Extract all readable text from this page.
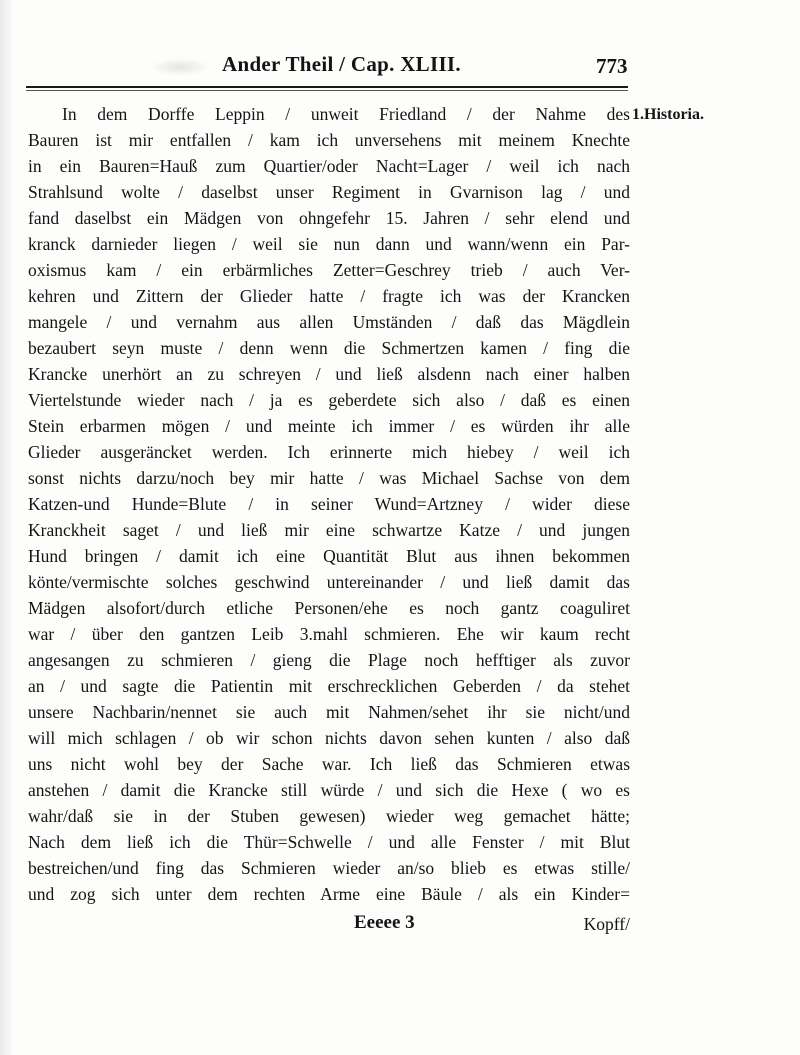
Ander Theil / Cap. XLIII.	773
1.Historia.
In dem Dorffe Leppin / unweit Friedland / der Nahme des
Bauren ist mir entfallen / kam ich unversehens mit meinem Knechte
in ein Bauren=Hauß zum Quartier/oder Nacht=Lager / weil ich nach
Strahlsund wolte / daselbst unser Regiment in Gvarnison lag / und
fand daselbst ein Mädgen von ohngefehr 15. Jahren / sehr elend und
kranck darnieder liegen / weil sie nun dann und wann/wenn ein Par-
oxismus kam / ein erbärmliches Zetter=Geschrey trieb / auch Ver-
kehren und Zittern der Glieder hatte / fragte ich was der Krancken
mangele / und vernahm aus allen Umständen / daß das Mägdlein
bezaubert seyn muste / denn wenn die Schmertzen kamen / fing die
Krancke unerhört an zu schreyen / und ließ alsdenn nach einer halben
Viertelstunde wieder nach / ja es geberdete sich also / daß es einen
Stein erbarmen mögen / und meinte ich immer / es würden ihr alle
Glieder ausgeräncket werden. Ich erinnerte mich hiebey / weil ich
sonst nichts darzu/noch bey mir hatte / was Michael Sachse von dem
Katzen-und Hunde=Blute / in seiner Wund=Artzney / wider diese
Kranckheit saget / und ließ mir eine schwartze Katze / und jungen
Hund bringen / damit ich eine Quantität Blut aus ihnen bekommen
könte/vermischte solches geschwind untereinander / und ließ damit das
Mädgen alsofort/durch etliche Personen/ehe es noch gantz coaguliret
war / über den gantzen Leib 3.mahl schmieren. Ehe wir kaum recht
angesangen zu schmieren / gieng die Plage noch hefftiger als zuvor
an / und sagte die Patientin mit erschrecklichen Geberden / da stehet
unsere Nachbarin/nennet sie auch mit Nahmen/sehet ihr sie nicht/und
will mich schlagen / ob wir schon nichts davon sehen kunten / also daß
uns nicht wohl bey der Sache war. Ich ließ das Schmieren etwas
anstehen / damit die Krancke still würde / und sich die Hexe ( wo es
wahr/daß sie in der Stuben gewesen) wieder weg gemachet hätte;
Nach dem ließ ich die Thür=Schwelle / und alle Fenster / mit Blut
bestreichen/und fing das Schmieren wieder an/so blieb es etwas stille/
und zog sich unter dem rechten Arme eine Bäule / als ein Kinder=
Eeeee 3	Kopff/
